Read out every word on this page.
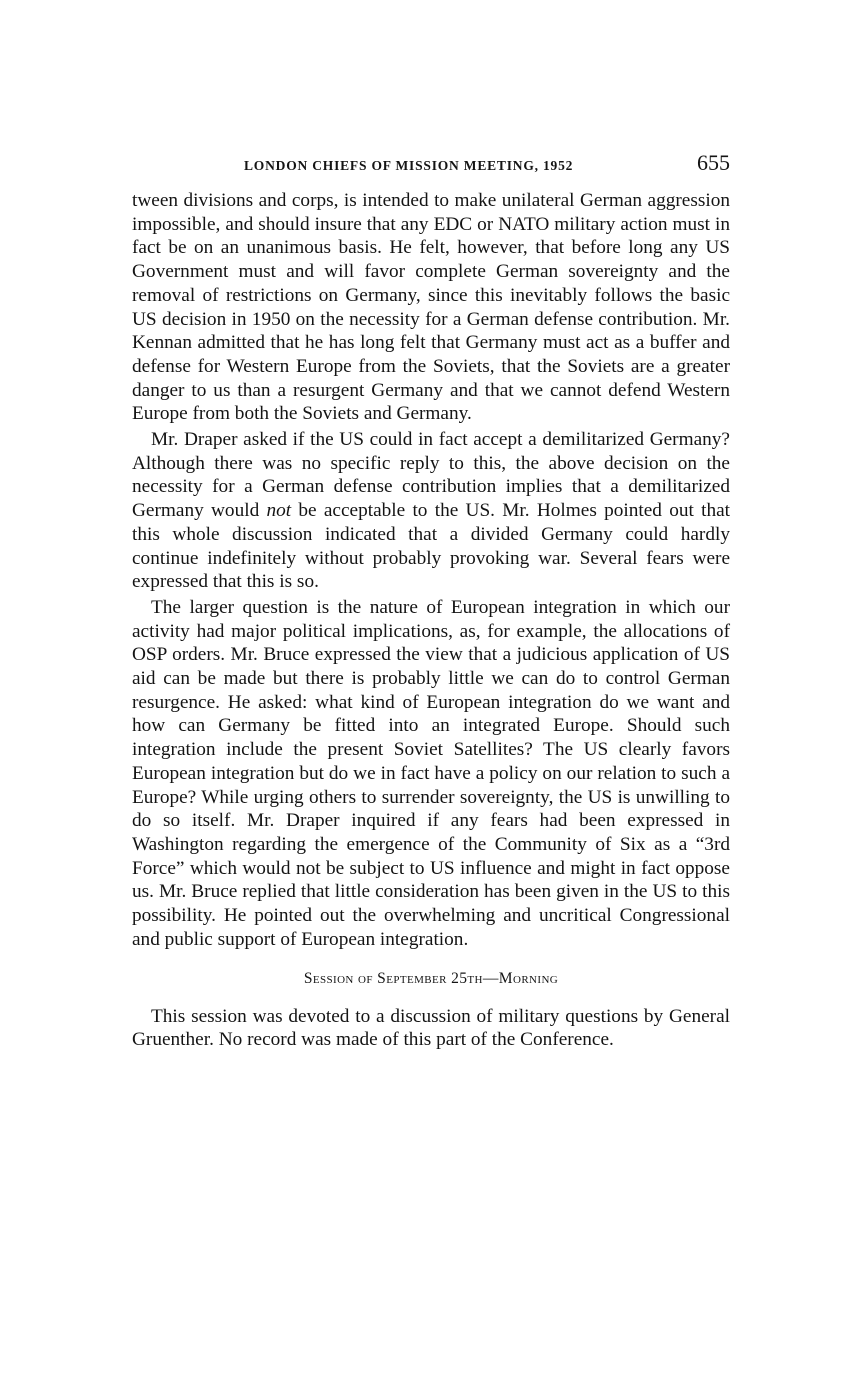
LONDON CHIEFS OF MISSION MEETING, 1952	655

tween divisions and corps, is intended to make unilateral German aggression impossible, and should insure that any EDC or NATO military action must in fact be on an unanimous basis. He felt, however, that before long any US Government must and will favor complete German sovereignty and the removal of restrictions on Germany, since this inevitably follows the basic US decision in 1950 on the necessity for a German defense contribution. Mr. Kennan admitted that he has long felt that Germany must act as a buffer and defense for Western Europe from the Soviets, that the Soviets are a greater danger to us than a resurgent Germany and that we cannot defend Western Europe from both the Soviets and Germany.

Mr. Draper asked if the US could in fact accept a demilitarized Germany? Although there was no specific reply to this, the above decision on the necessity for a German defense contribution implies that a demilitarized Germany would not be acceptable to the US. Mr. Holmes pointed out that this whole discussion indicated that a divided Germany could hardly continue indefinitely without probably provoking war. Several fears were expressed that this is so.

The larger question is the nature of European integration in which our activity had major political implications, as, for example, the allocations of OSP orders. Mr. Bruce expressed the view that a judicious application of US aid can be made but there is probably little we can do to control German resurgence. He asked: what kind of European integration do we want and how can Germany be fitted into an integrated Europe. Should such integration include the present Soviet Satellites? The US clearly favors European integration but do we in fact have a policy on our relation to such a Europe? While urging others to surrender sovereignty, the US is unwilling to do so itself. Mr. Draper inquired if any fears had been expressed in Washington regarding the emergence of the Community of Six as a “3rd Force” which would not be subject to US influence and might in fact oppose us. Mr. Bruce replied that little consideration has been given in the US to this possibility. He pointed out the overwhelming and uncritical Congressional and public support of European integration.

Session of September 25th—Morning

This session was devoted to a discussion of military questions by General Gruenther. No record was made of this part of the Conference.
